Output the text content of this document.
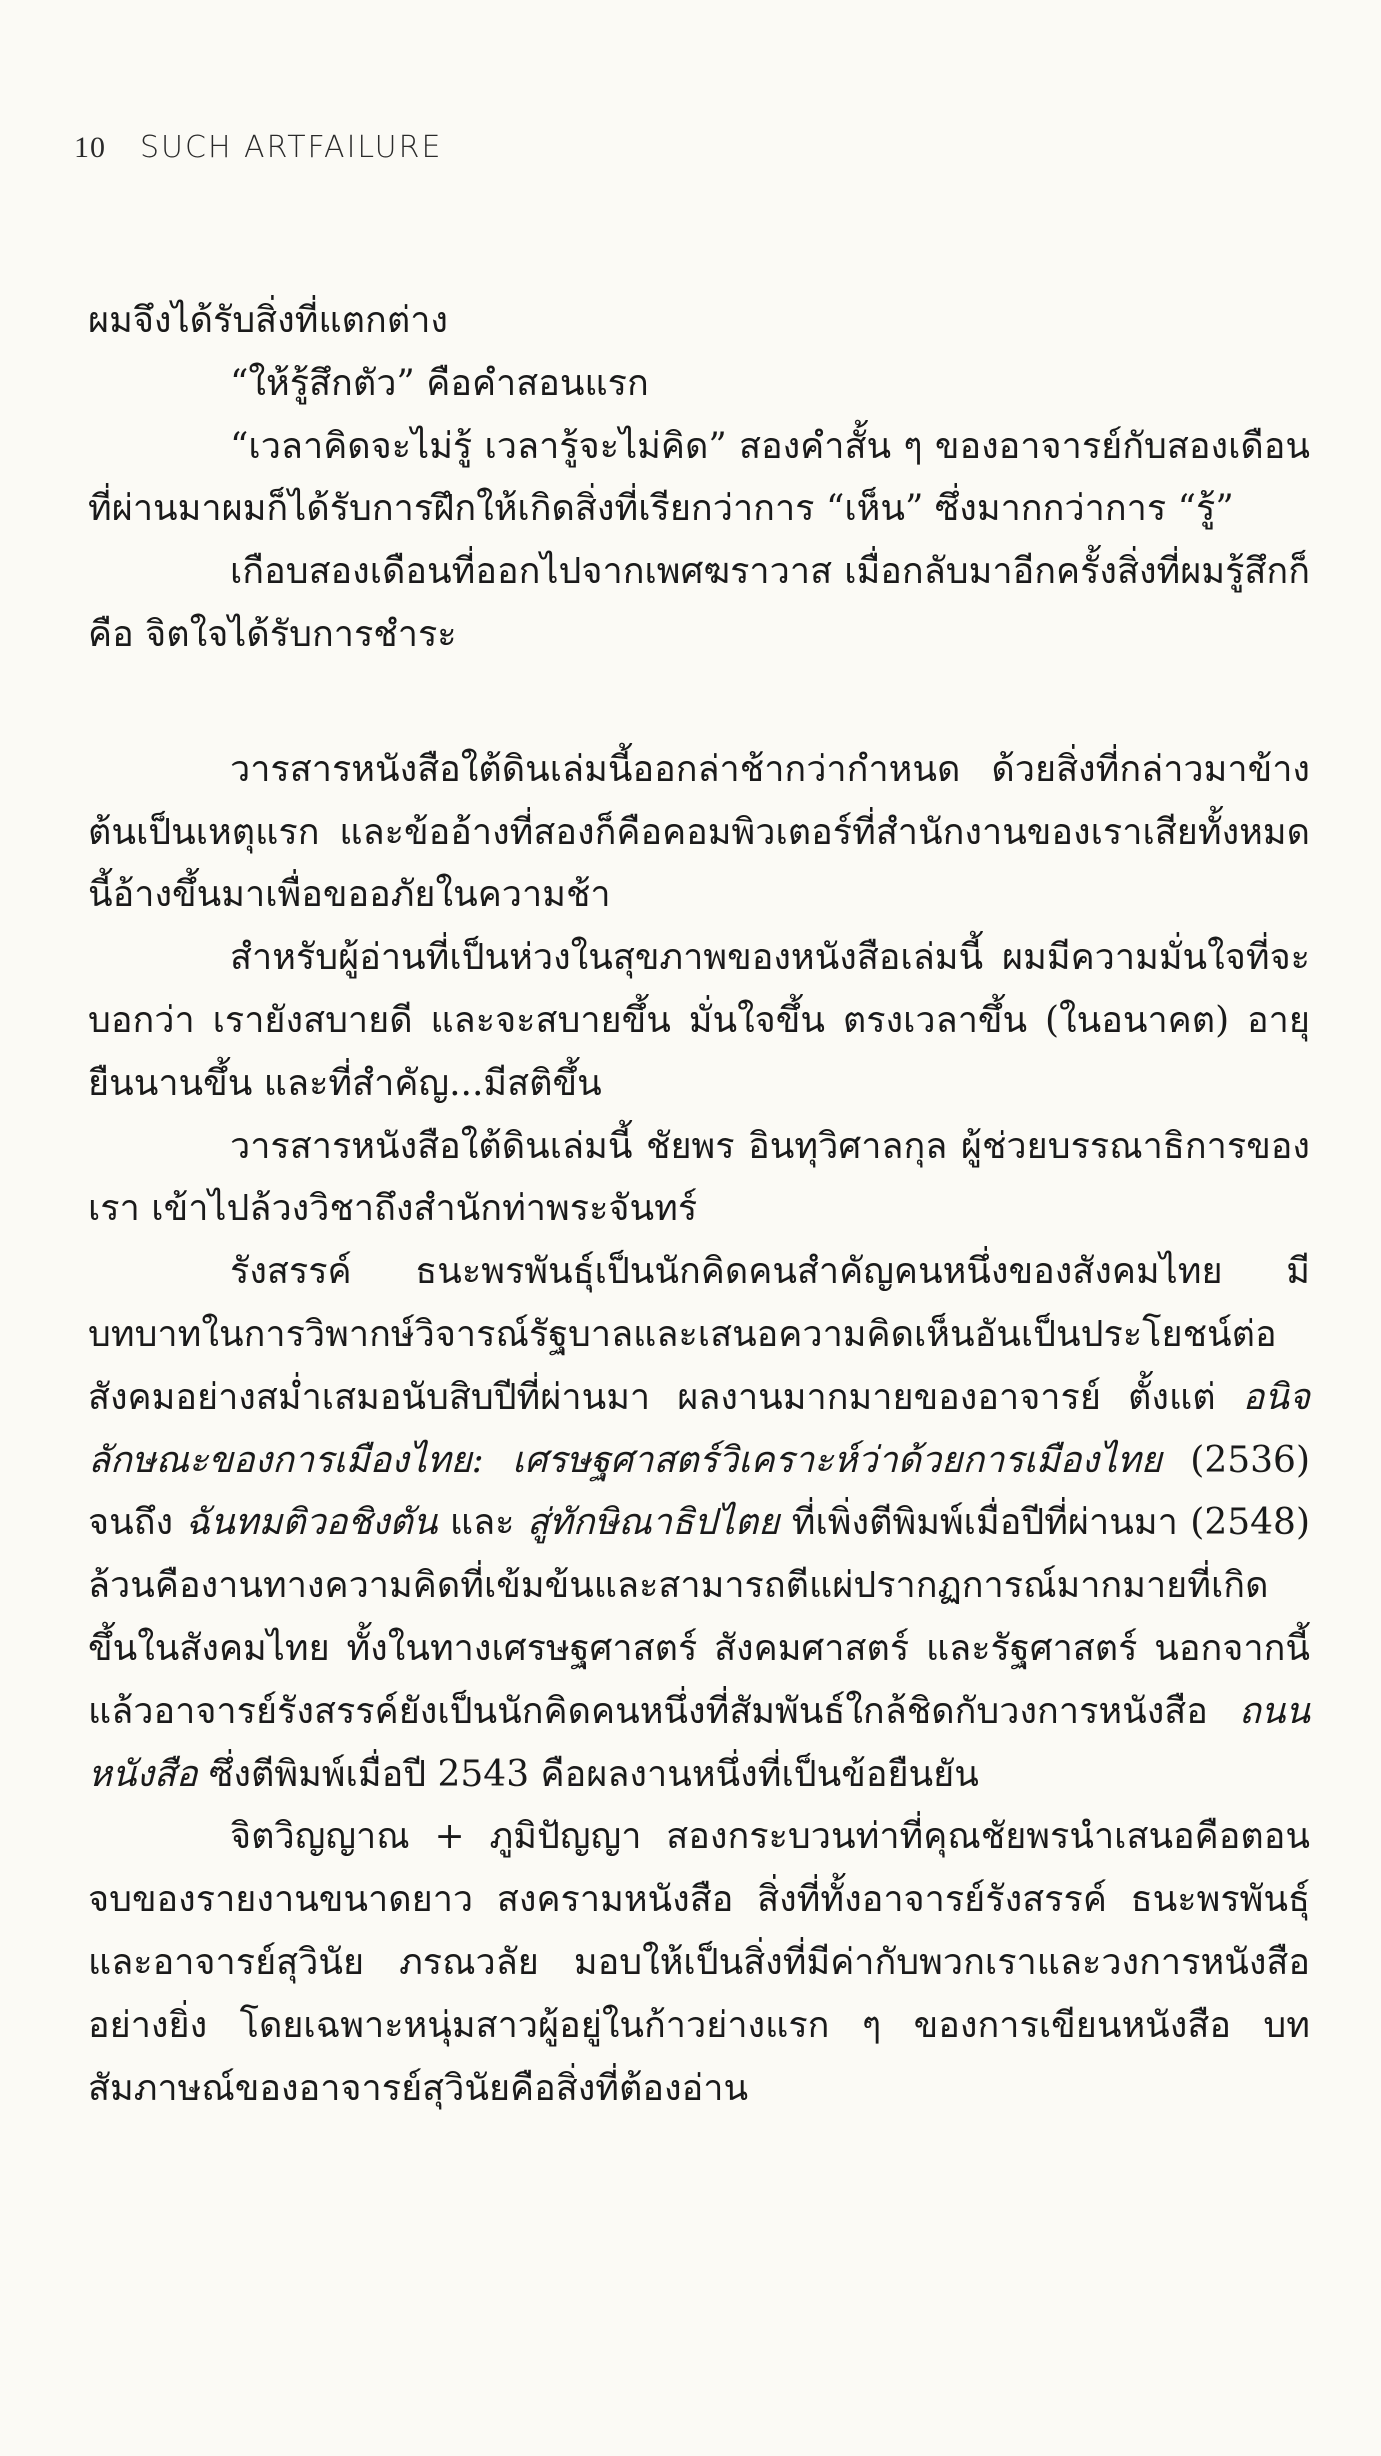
10 SUCH ARTFAILURE

ผมจึงได้รับสิ่งที่แตกต่าง

“ให้รู้สึกตัว” คือคำสอนแรก

“เวลาคิดจะไม่รู้ เวลารู้จะไม่คิด” สองคำสั้น ๆ ของอาจารย์กับสองเดือนที่ผ่านมาผมก็ได้รับการฝึกให้เกิดสิ่งที่เรียกว่าการ “เห็น” ซึ่งมากกว่าการ “รู้”

เกือบสองเดือนที่ออกไปจากเพศฆราวาส เมื่อกลับมาอีกครั้งสิ่งที่ผมรู้สึกก็คือ จิตใจได้รับการชำระ

วารสารหนังสือใต้ดินเล่มนี้ออกล่าช้ากว่ากำหนด ด้วยสิ่งที่กล่าวมาข้างต้นเป็นเหตุแรก และข้ออ้างที่สองก็คือคอมพิวเตอร์ที่สำนักงานของเราเสียทั้งหมดนี้อ้างขึ้นมาเพื่อขออภัยในความช้า

สำหรับผู้อ่านที่เป็นห่วงในสุขภาพของหนังสือเล่มนี้ ผมมีความมั่นใจที่จะบอกว่า เรายังสบายดี และจะสบายขึ้น มั่นใจขึ้น ตรงเวลาขึ้น (ในอนาคต) อายุยืนนานขึ้น และที่สำคัญ...มีสติขึ้น

วารสารหนังสือใต้ดินเล่มนี้ ชัยพร อินทุวิศาลกุล ผู้ช่วยบรรณาธิการของเรา เข้าไปล้วงวิชาถึงสำนักท่าพระจันทร์

รังสรรค์ ธนะพรพันธุ์เป็นนักคิดคนสำคัญคนหนึ่งของสังคมไทย มีบทบาทในการวิพากษ์วิจารณ์รัฐบาลและเสนอความคิดเห็นอันเป็นประโยชน์ต่อสังคมอย่างสม่ำเสมอนับสิบปีที่ผ่านมา ผลงานมากมายของอาจารย์ ตั้งแต่ อนิจลักษณะของการเมืองไทย: เศรษฐศาสตร์วิเคราะห์ว่าด้วยการเมืองไทย (2536) จนถึง ฉันทมติวอชิงตัน และ สู่ทักษิณาธิปไตย ที่เพิ่งตีพิมพ์เมื่อปีที่ผ่านมา (2548) ล้วนคืองานทางความคิดที่เข้มข้นและสามารถตีแผ่ปรากฏการณ์มากมายที่เกิดขึ้นในสังคมไทย ทั้งในทางเศรษฐศาสตร์ สังคมศาสตร์ และรัฐศาสตร์ นอกจากนี้แล้วอาจารย์รังสรรค์ยังเป็นนักคิดคนหนึ่งที่สัมพันธ์ใกล้ชิดกับวงการหนังสือ ถนนหนังสือ ซึ่งตีพิมพ์เมื่อปี 2543 คือผลงานหนึ่งที่เป็นข้อยืนยัน

จิตวิญญาณ + ภูมิปัญญา สองกระบวนท่าที่คุณชัยพรนำเสนอคือตอนจบของรายงานขนาดยาว สงครามหนังสือ สิ่งที่ทั้งอาจารย์รังสรรค์ ธนะพรพันธุ์ และอาจารย์สุวินัย ภรณวลัย มอบให้เป็นสิ่งที่มีค่ากับพวกเราและวงการหนังสืออย่างยิ่ง โดยเฉพาะหนุ่มสาวผู้อยู่ในก้าวย่างแรก ๆ ของการเขียนหนังสือ บทสัมภาษณ์ของอาจารย์สุวินัยคือสิ่งที่ต้องอ่าน
